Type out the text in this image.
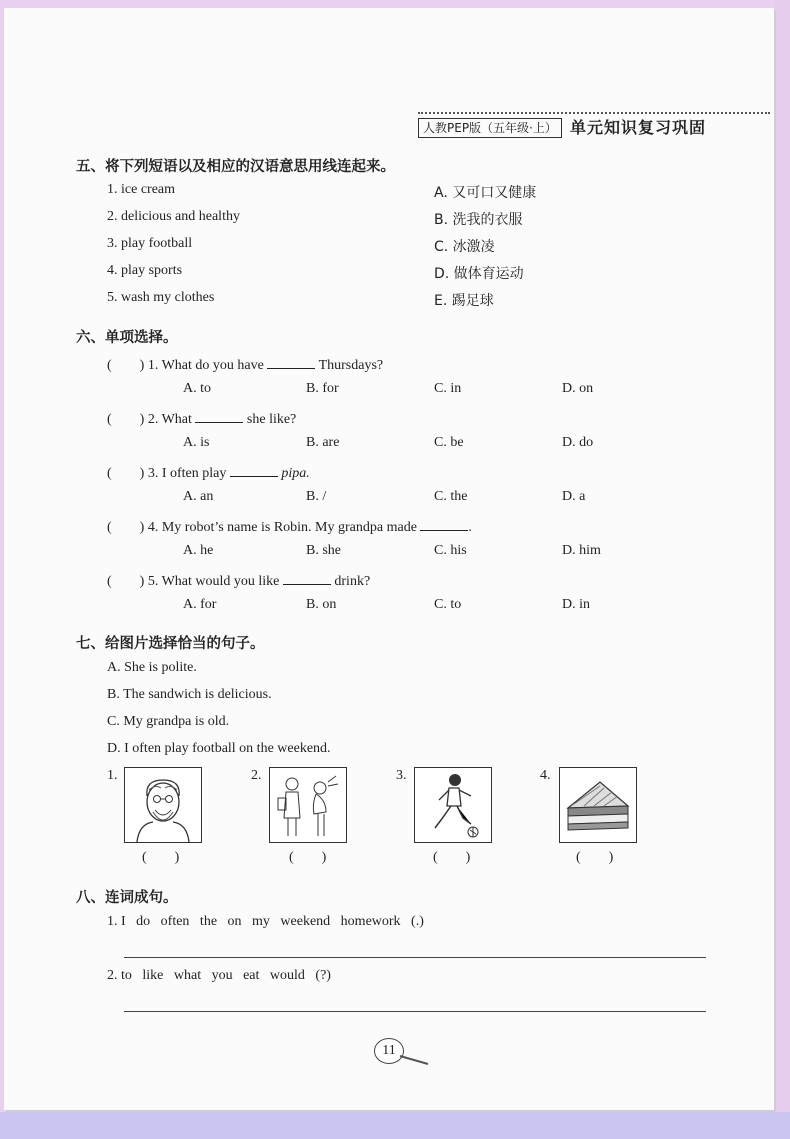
人教PEP版（五年级·上） 单元知识复习巩固
五、将下列短语以及相应的汉语意思用线连起来。
1. ice cream
2. delicious and healthy
3. play football
4. play sports
5. wash my clothes
A. 又可口又健康
B. 洗我的衣服
C. 冰激凌
D. 做体育运动
E. 踢足球
六、单项选择。
(        ) 1. What do you have	Thursdays?
A. to	B. for	C. in	D. on
(        ) 2. What	she like?
A. is	B. are	C. be	D. do
(        ) 3. I often play	pipa.
A. an	B. /	C. the	D. a
(        ) 4. My robot’s name is Robin. My grandpa made	.
A. he	B. she	C. his	D. him
(        ) 5. What would you like	drink?
A. for	B. on	C. to	D. in
七、给图片选择恰当的句子。
A. She is polite.
B. The sandwich is delicious.
C. My grandpa is old.
D. I often play football on the weekend.
1.	2.	3.	4.
(        )	(        )	(        )	(        )
八、连词成句。
1. I   do   often   the   on   my   weekend   homework   (.)
2. to   like   what   you   eat   would   (?)
11
